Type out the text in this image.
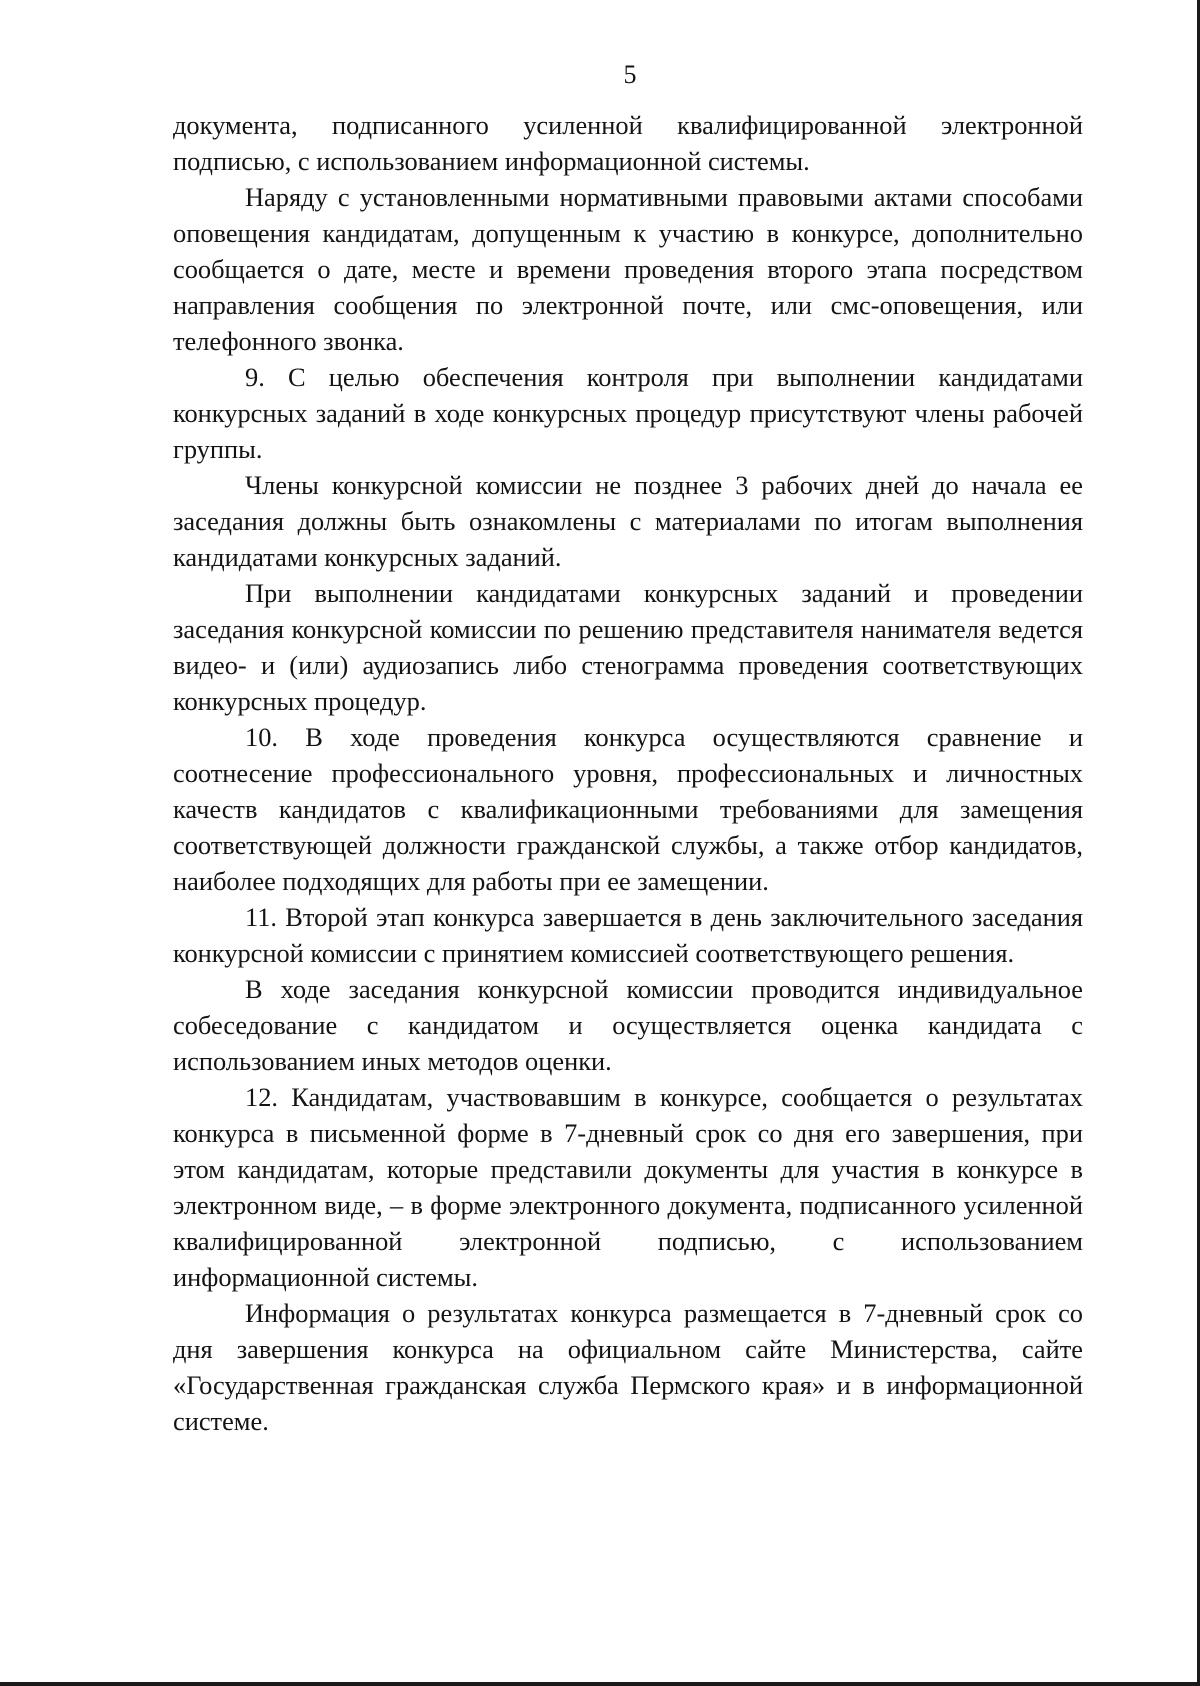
5

документа, подписанного усиленной квалифицированной электронной подписью, с использованием информационной системы.

Наряду с установленными нормативными правовыми актами способами оповещения кандидатам, допущенным к участию в конкурсе, дополнительно сообщается о дате, месте и времени проведения второго этапа посредством направления сообщения по электронной почте, или смс-оповещения, или телефонного звонка.

9. С целью обеспечения контроля при выполнении кандидатами конкурсных заданий в ходе конкурсных процедур присутствуют члены рабочей группы.

Члены конкурсной комиссии не позднее 3 рабочих дней до начала ее заседания должны быть ознакомлены с материалами по итогам выполнения кандидатами конкурсных заданий.

При выполнении кандидатами конкурсных заданий и проведении заседания конкурсной комиссии по решению представителя нанимателя ведется видео- и (или) аудиозапись либо стенограмма проведения соответствующих конкурсных процедур.

10. В ходе проведения конкурса осуществляются сравнение и соотнесение профессионального уровня, профессиональных и личностных качеств кандидатов с квалификационными требованиями для замещения соответствующей должности гражданской службы, а также отбор кандидатов, наиболее подходящих для работы при ее замещении.

11. Второй этап конкурса завершается в день заключительного заседания конкурсной комиссии с принятием комиссией соответствующего решения.

В ходе заседания конкурсной комиссии проводится индивидуальное собеседование с кандидатом и осуществляется оценка кандидата с использованием иных методов оценки.

12. Кандидатам, участвовавшим в конкурсе, сообщается о результатах конкурса в письменной форме в 7-дневный срок со дня его завершения, при этом кандидатам, которые представили документы для участия в конкурсе в электронном виде, – в форме электронного документа, подписанного усиленной квалифицированной электронной подписью, с использованием информационной системы.

Информация о результатах конкурса размещается в 7-дневный срок со дня завершения конкурса на официальном сайте Министерства, сайте «Государственная гражданская служба Пермского края» и в информационной системе.
